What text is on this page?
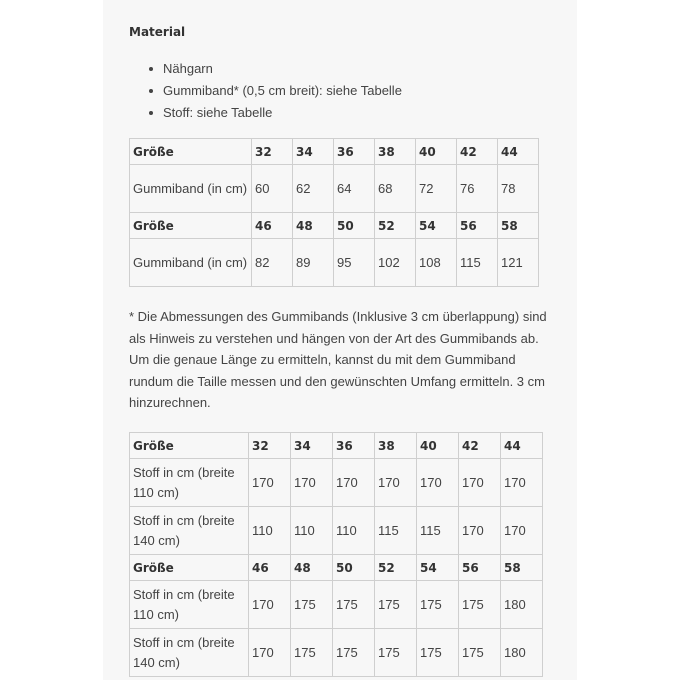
Material
Nähgarn
Gummiband* (0,5 cm breit): siehe Tabelle
Stoff: siehe Tabelle
Größe	32	34	36	38	40	42	44
Gummiband (in cm)	60	62	64	68	72	76	78
Größe	46	48	50	52	54	56	58
Gummiband (in cm)	82	89	95	102	108	115	121
* Die Abmessungen des Gummibands (Inklusive 3 cm überlappung) sind als Hinweis zu verstehen und hängen von der Art des Gummibands ab. Um die genaue Länge zu ermitteln, kannst du mit dem Gummiband rundum die Taille messen und den gewünschten Umfang ermitteln. 3 cm hinzurechnen.
Größe	32	34	36	38	40	42	44
Stoff in cm (breite 110 cm)	170	170	170	170	170	170	170
Stoff in cm (breite 140 cm)	110	110	110	115	115	170	170
Größe	46	48	50	52	54	56	58
Stoff in cm (breite 110 cm)	170	175	175	175	175	175	180
Stoff in cm (breite 140 cm)	170	175	175	175	175	175	180
